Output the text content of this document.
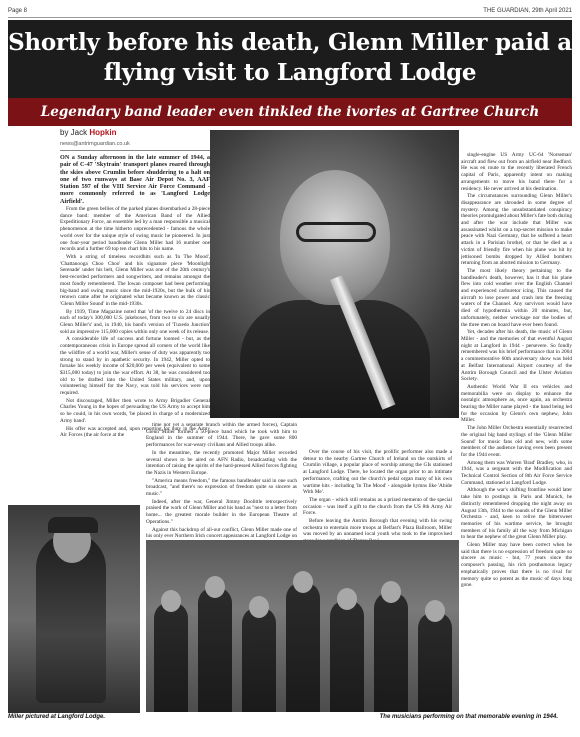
Page 8	THE GUARDIAN, 29th April 2021
Shortly before his death, Glenn Miller paid a flying visit to Langford Lodge
Legendary band leader even tinkled the ivories at Gartree Church
by Jack Hopkin
news@antrimguardian.co.uk

ON a Sunday afternoon in the late summer of 1944, a pair of C-47 'Skytrain' transport planes roared through the skies above Crumlin before shuddering to a halt on one of two runways at Base Air Depot No. 3, AAF Station 597 of the VIII Service Air Force Command - more commonly referred to as 'Langford Lodge Airfield'.

From the green bellies of the parked planes disembarked a 28-piece dance band: member of the American Band of the Allied Expeditionary Force, an ensemble led by a man responsible a musical phenomenon at the time hitherto unprecedented - famous the whole world over for the unique style of swing music he pioneered. In just one four-year period bandleader Glenn Miller had 16 number one records and a further 69 top ten chart hits to his name.

With a string of timeless recordhits such as 'In The Mood', 'Chattanooga Choo Choo' and his signature piece 'Moonlight Serenade' under his belt, Glenn Miller was one of the 20th century's best-recorded performers and songwriters, and remains amongst the most fondly remembered. The Iowan composer had been performing big-band and swing music since the mid-1920s, but the bulk of his renown came after he originated what became known as the classic 'Glenn Miller Sound' in the mid-1930s.

By 1939, Time Magazine noted that 'of the twelve to 24 discs in each of today's 300,000 U.S. jukeboxes, from two to six are usually Glenn Miller's' and, in 1940, his band's version of 'Tuxedo Junction' sold an impressive 115,000 copies within only one week of its release.

A considerable life of success and fortune loomed - but, as the contemporaneous crisis in Europe spread all corners of the world like the wildfire of a world war, Miller's sense of duty was apparently too strong to stand by in apathetic security. In 1942, Miller opted to forsake his weekly income of $20,000 per week (equivalent to some $315,000 today) to join the war effort. At 38, he was considered too old to be drafted into the United States military, and, upon volunteering himself for the Navy, was told his services were not required.

Not discouraged, Miller then wrote to Army Brigadier General Charles Young in the hopes of persuading the US Army to accept him so he could, in his own words, 'be placed in charge of a modernized Army band'.

His offer was accepted and, upon reporting for duty in the Army Air Forces (the air force at the

Miller pictured at Langford Lodge.

time not yet a separate branch within the armed forces), Captain Glenn Miller formed a 50-piece band which he took with him to England in the summer of 1944. There, he gave some 800 performances for war-weary civilians and Allied troops alike.

In the meantime, the recently promoted Major Miller recorded several shows to be aired on AFN Radio, broadcasting with the intention of raising the spirits of the hard-pressed Allied forces fighting the Nazis in Western Europe.

"America means freedom," the famous bandleader said in one such broadcast, "and there's no expression of freedom quite so sincere as music."

Indeed, after the war, General Jimmy Doolittle retrospectively praised the work of Glenn Miller and his band as "next to a letter from home... the greatest morale builder in the European Theatre of Operations."

Against this backdrop of all-out conflict, Glenn Miller made one of his only ever Northern Irish concert appearances at Langford Lodge on

Over the course of his visit, the prolific performer also made a detour to the nearby Gartree Church of Ireland on the outskirts of Crumlin village, a popular place of worship among the GIs stationed at Langford Lodge. There, he located the organ prior to an intimate performance, crafting out the church's pedal organ many of his own wartime hits - including 'In The Mood' - alongside hymns like 'Abide With Me'.

The organ - which still remains as a prized memento of the special occasion - was itself a gift to the church from the US 8th Army Air Force.

Before leaving the Antrim Borough that evening with his swing orchestra to entertain more troops at Belfast's Plaza Ballroom, Miller was moved by an unnamed local youth who took to the improvised

single-engine US Army UC-64 'Norseman' aircraft and flew out from an airfield near Bedford. He was en route to the recently liberated French capital of Paris, apparently intent on making arrangements to move his band there for a residency. He never arrived at his destination.

The circumstances surrounding Glenn Miller's disappearance are shrouded in some degree of mystery. Among the unsubstantiated conspiracy theories promulgated about Miller's fate both during and after the war include that Miller was assassinated whilst on a top-secret mission to make peace with Nazi Germany, that he suffered a heart attack in a Parisian brothel, or that he died as a victim of friendly fire when his plane was hit by jettisoned bombs dropped by Allied bombers returning from an aborted mission to Germany.

The most likely theory pertaining to the bandleader's death, however, has it that his plane flew into cold weather over the English Channel and experienced carburetor icing. This caused the aircraft to lose power and crash into the freezing waters of the Channel. Any survivors would have died of hypothermia within 20 minutes, but, unfortunately, neither wreckage nor the bodies of the three men on board have ever been found.

Yet, decades after his death, the music of Glenn Miller - and the memories of that eventful August night at Langford in 1944 - persevere. So fondly remembered was his brief performance that in 2004 a commemorative 60th anniversary show was held at Belfast International Airport courtesy of the Antrim Borough Council and the Ulster Aviation Society.

Authentic World War II era vehicles and memorabilia were on display to enhance the nostalgic atmosphere as, once again, an orchestra bearing the Miller name played - the band being led for the occasion by Glenn's own nephew, John Miller.

The John Miller Orchestra essentially resurrected the original big band stylings of the 'Glenn Miller Sound' for music fans old and new, with some members of the audience having even been present for the 1944 event.

Among them was Warren 'Brad' Bradley, who, in 1944, was a sergeant with the Modification and Technical Control Section of 8th Air Force Service Command, stationed at Langford Lodge.

Although the war's shifting frontline would later take him to postings in Paris and Munich, he distinctly remembered dropping the night away on August 13th, 1944 to the sounds of the Glenn Miller Orchestra - and, keen to relive the bittersweet memories of his wartime service, he brought members of his family all the way from Michigan to hear the nephew of the great Glenn Miller play.

Glenn Miller may have been correct when he said that there is no expression of freedom quite so sincere as music - but, 77 years since the composer's passing, his rich posthumous legacy emphatically proves that there is no rival for memory quite so potent as the music of days long gone.

The musicians performing on that memorable evening in 1944.
